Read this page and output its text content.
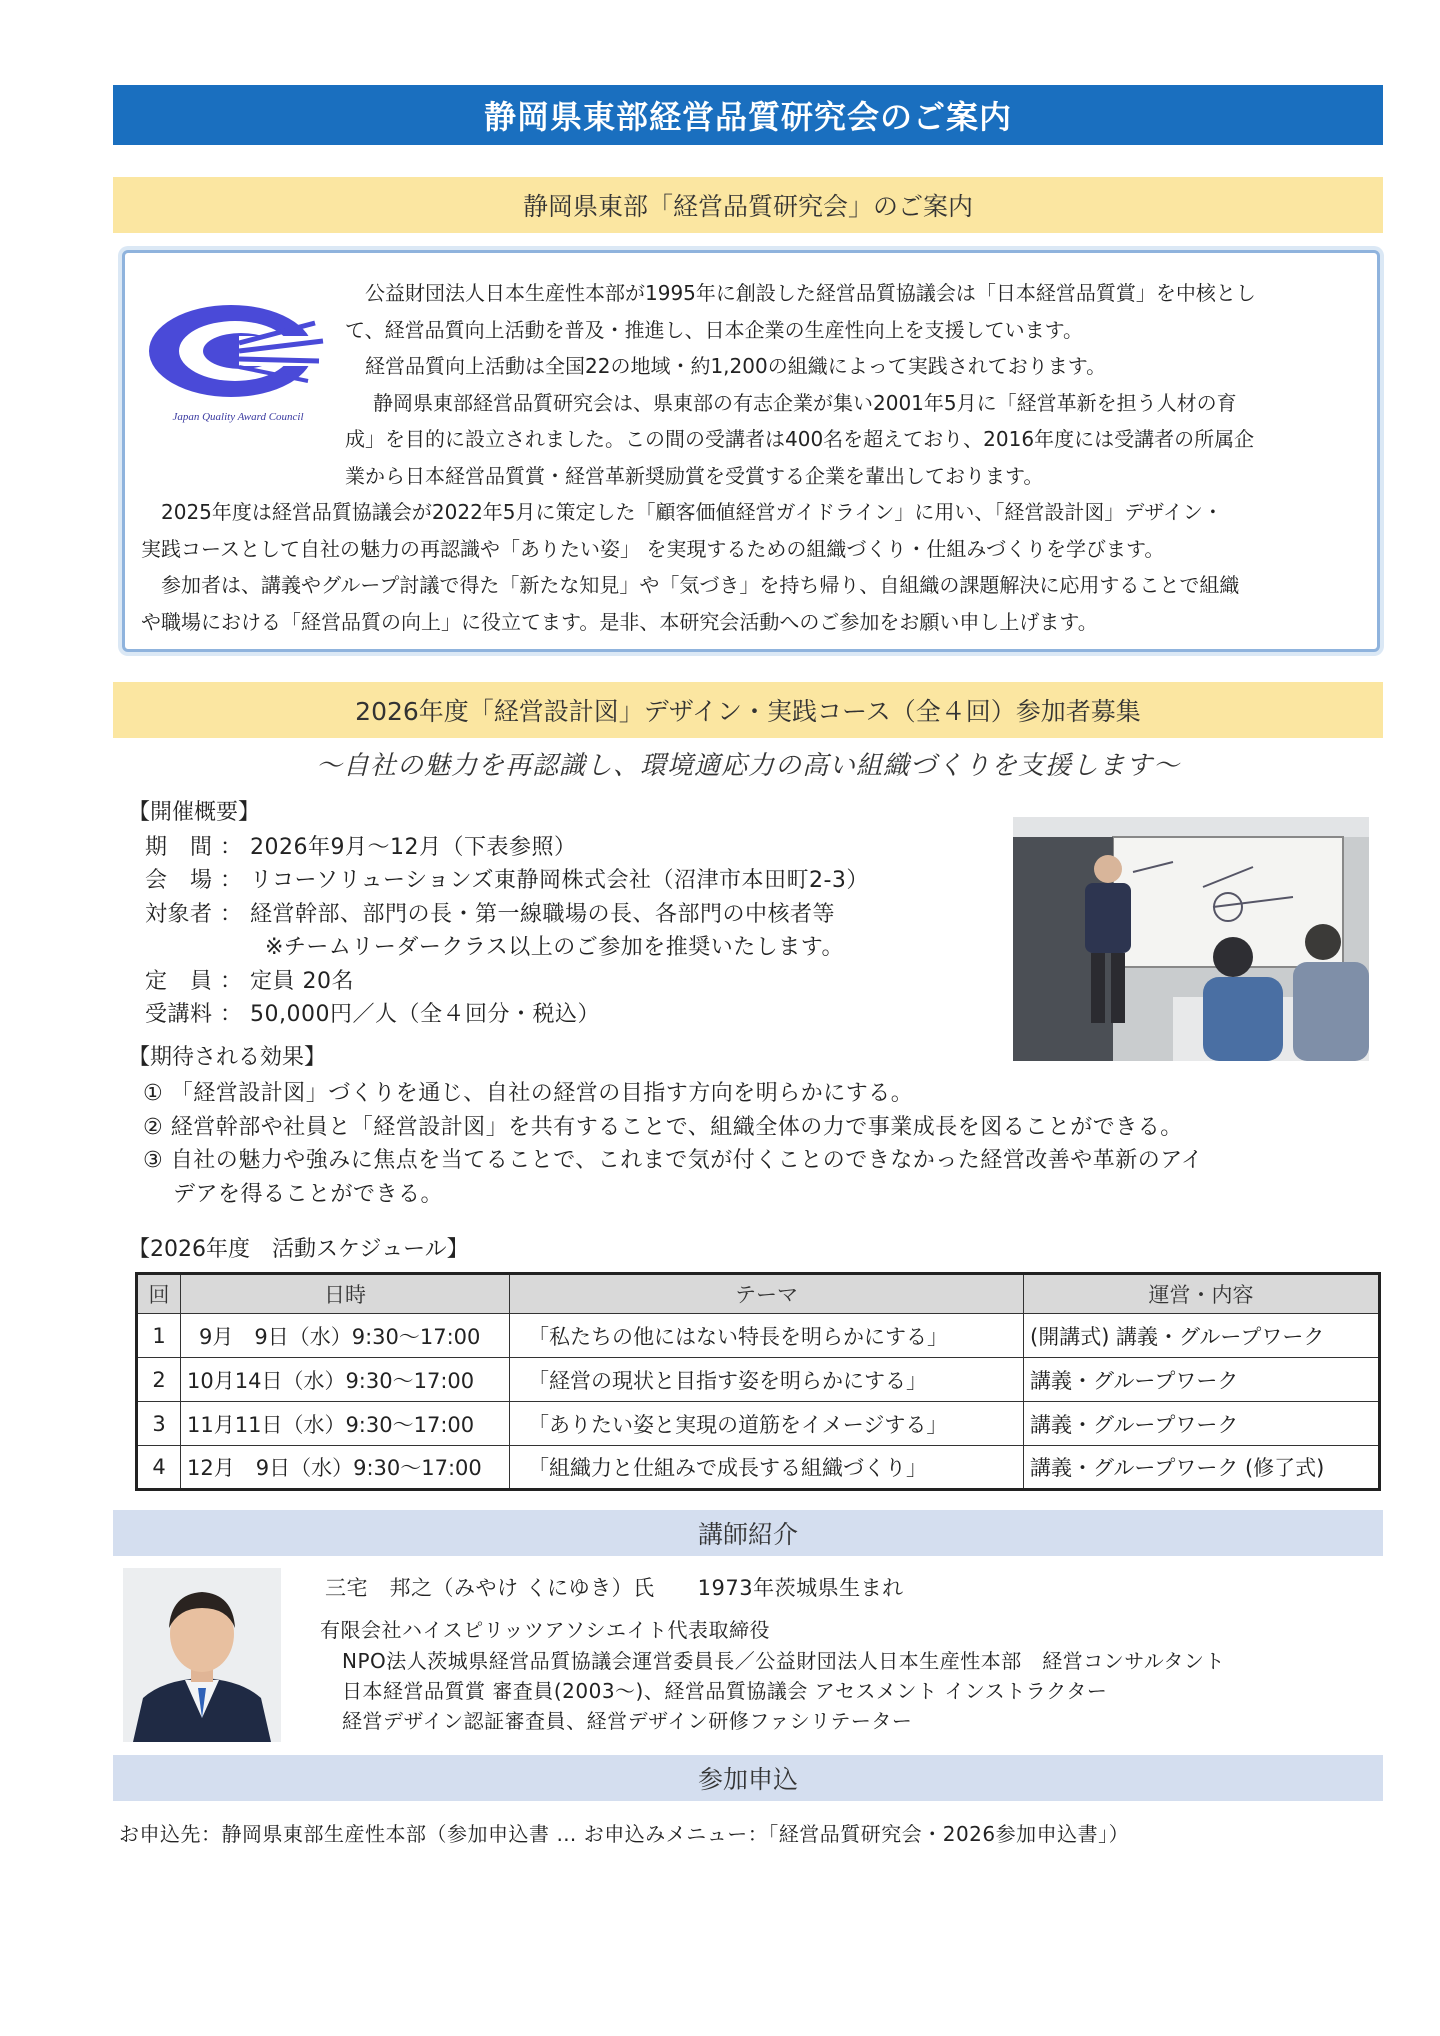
静岡県東部経営品質研究会のご案内
静岡県東部「経営品質研究会」のご案内
Japan Quality Award Council
公益財団法人日本生産性本部が1995年に創設した経営品質協議会は「日本経営品質賞」を中核とし
て、経営品質向上活動を普及・推進し、日本企業の生産性向上を支援しています。
経営品質向上活動は全国22の地域・約1,200の組織によって実践されております。
静岡県東部経営品質研究会は、県東部の有志企業が集い2001年5月に「経営革新を担う人材の育
成」を目的に設立されました。この間の受講者は400名を超えており、2016年度には受講者の所属企
業から日本経営品質賞・経営革新奨励賞を受賞する企業を輩出しております。
2025年度は経営品質協議会が2022年5月に策定した「顧客価値経営ガイドライン」に用い、「経営設計図」デザイン・
実践コースとして自社の魅力の再認識や「ありたい姿」 を実現するための組織づくり・仕組みづくりを学びます。
参加者は、講義やグループ討議で得た「新たな知見」や「気づき」を持ち帰り、自組織の課題解決に応用することで組織
や職場における「経営品質の向上」に役立てます。是非、本研究会活動へのご参加をお願い申し上げます。
2026年度「経営設計図」デザイン・実践コース（全４回）参加者募集
～自社の魅力を再認識し、環境適応力の高い組織づくりを支援します～
【開催概要】
期　間 ： 2026年9月～12月（下表参照）
会　場 ： リコーソリューションズ東静岡株式会社（沼津市本田町2-3）
対象者 ： 経営幹部、部門の長・第一線職場の長、各部門の中核者等
※チームリーダークラス以上のご参加を推奨いたします。
定　員 ： 定員 20名
受講料 ： 50,000円／人（全４回分・税込）
【期待される効果】
① 「経営設計図」づくりを通じ、自社の経営の目指す方向を明らかにする。
② 経営幹部や社員と「経営設計図」を共有することで、組織全体の力で事業成長を図ることができる。
③ 自社の魅力や強みに焦点を当てることで、これまで気が付くことのできなかった経営改善や革新のアイ
デアを得ることができる。
【2026年度　活動スケジュール】
回	日時	テーマ	運営・内容
1	9月　9日（水）9:30～17:00	「私たちの他にはない特長を明らかにする」	(開講式) 講義・グループワーク
2	10月14日（水）9:30～17:00	「経営の現状と目指す姿を明らかにする」	講義・グループワーク
3	11月11日（水）9:30～17:00	「ありたい姿と実現の道筋をイメージする」	講義・グループワーク
4	12月　9日（水）9:30～17:00	「組織力と仕組みで成長する組織づくり」	講義・グループワーク (修了式)
講師紹介
三宅　邦之（みやけ くにゆき）氏　　1973年茨城県生まれ
有限会社ハイスピリッツアソシエイト代表取締役
NPO法人茨城県経営品質協議会運営委員長／公益財団法人日本生産性本部　経営コンサルタント
日本経営品質賞 審査員(2003～)、経営品質協議会 アセスメント インストラクター
経営デザイン認証審査員、経営デザイン研修ファシリテーター
参加申込
お申込先：静岡県東部生産性本部（参加申込書 … お申込みメニュー：「経営品質研究会・2026参加申込書」）
